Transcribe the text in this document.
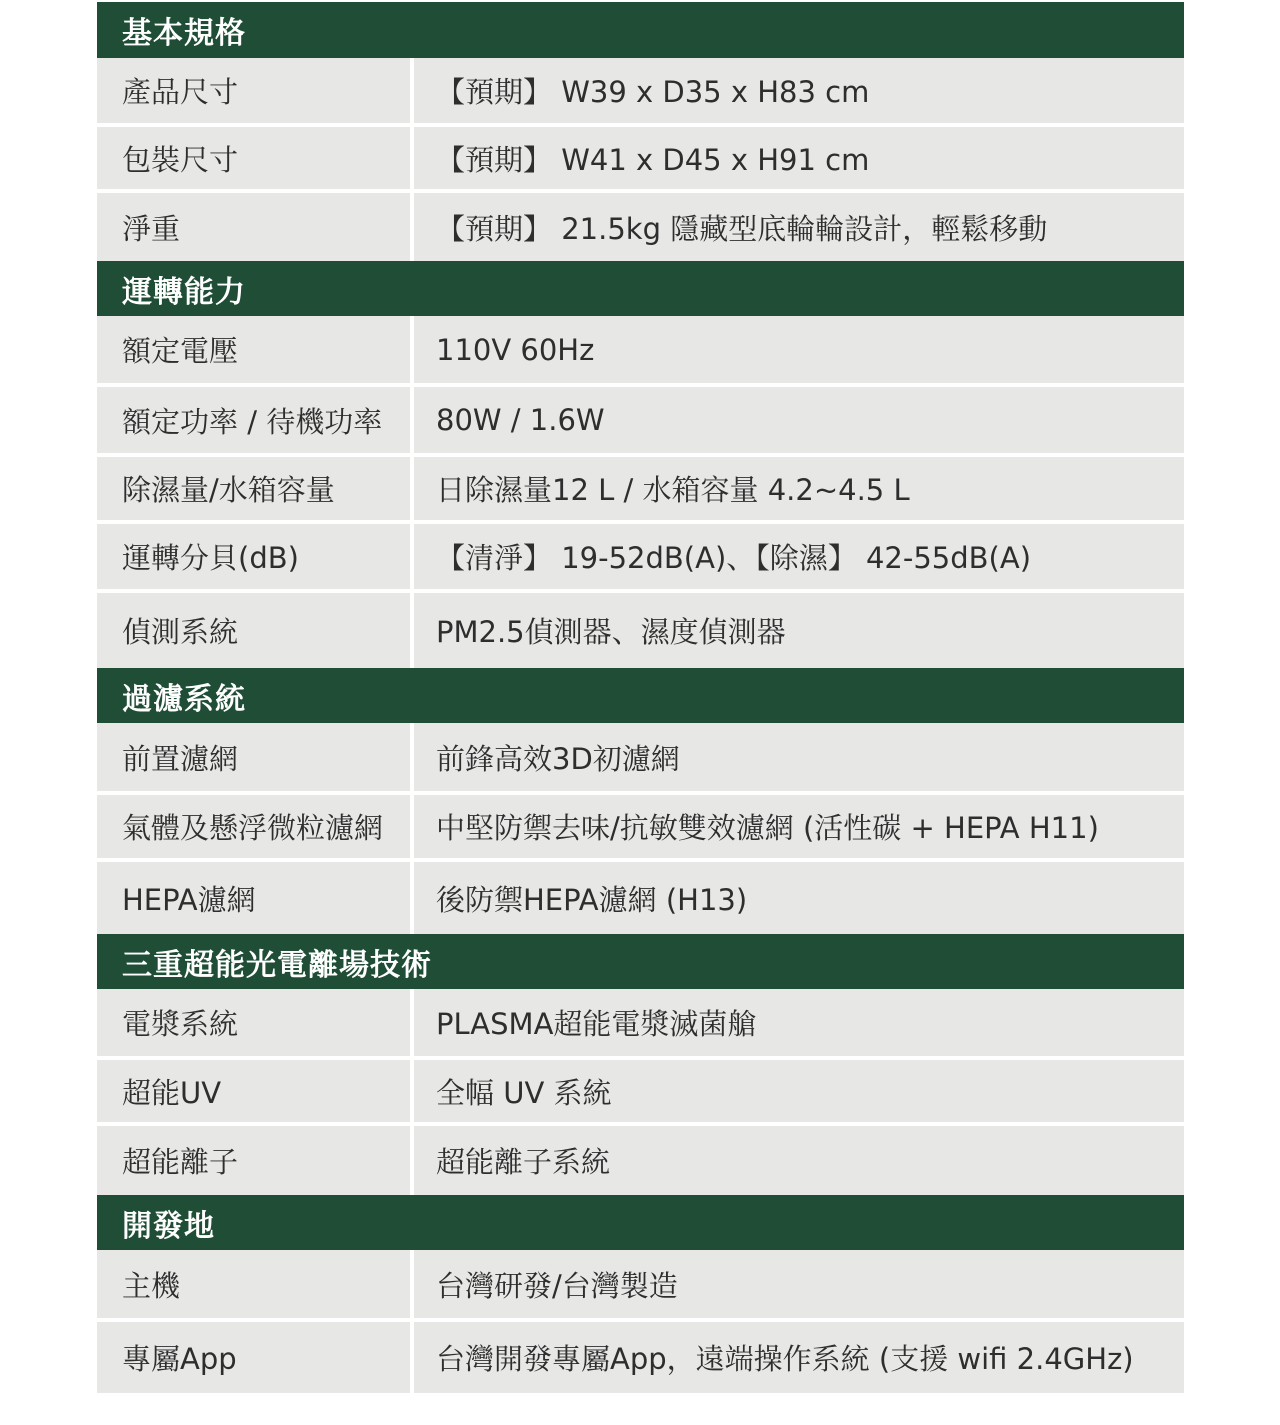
基本規格
產品尺寸	【預期】 W39 x D35 x H83 cm
包裝尺寸	【預期】 W41 x D45 x H91 cm
淨重	【預期】 21.5kg 隱藏型底輪輪設計，輕鬆移動
運轉能力
額定電壓	110V 60Hz
額定功率 / 待機功率	80W / 1.6W
除濕量/水箱容量	日除濕量12 L / 水箱容量 4.2~4.5 L
運轉分貝(dB)	【清淨】 19-52dB(A)、【除濕】 42-55dB(A)
偵測系統	PM2.5偵測器、濕度偵測器
過濾系統
前置濾網	前鋒高效3D初濾網
氣體及懸浮微粒濾網	中堅防禦去味/抗敏雙效濾網 (活性碳 + HEPA H11)
HEPA濾網	後防禦HEPA濾網 (H13)
三重超能光電離場技術
電漿系統	PLASMA超能電漿滅菌艙
超能UV	全幅 UV 系統
超能離子	超能離子系統
開發地
主機	台灣研發/台灣製造
專屬App	台灣開發專屬App，遠端操作系統 (支援 wifi 2.4GHz)
